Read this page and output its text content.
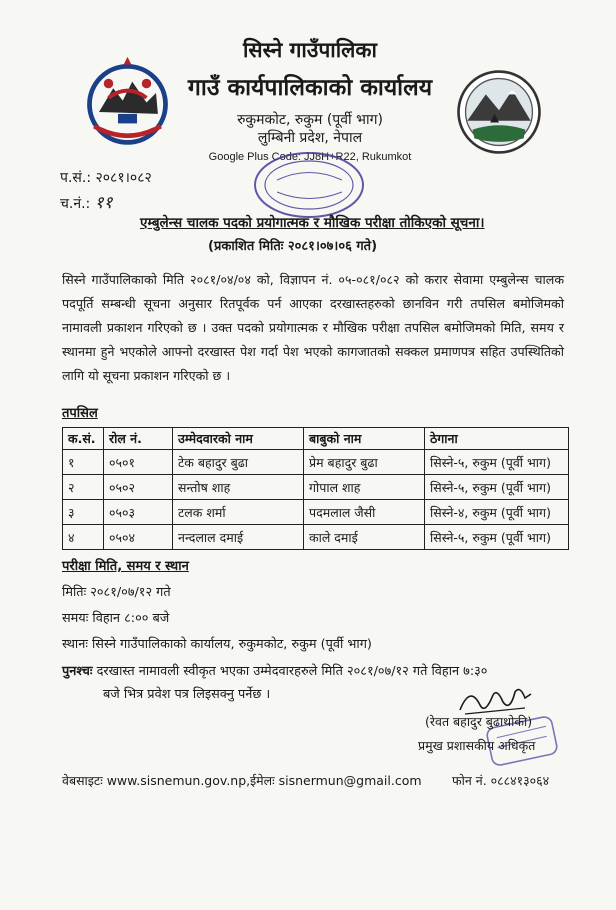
सिस्ने गाउँपालिका
गाउँ कार्यपालिकाको कार्यालय
रुकुमकोट, रुकुम (पूर्वी भाग)
लुम्बिनी प्रदेश, नेपाल
Google Plus Code: JJ8H+R22, Rukumkot
प.सं.: २०८१।०८२
च.नं.: ११
एम्बुलेन्स चालक पदको प्रयोगात्मक र मौखिक परीक्षा तोकिएको सूचना।
(प्रकाशित मितिः २०८१।०७।०६ गते)
सिस्ने गाउँपालिकाको मिति २०८१/०४/०४ को, विज्ञापन नं. ०५-०८१/०८२ को करार सेवामा एम्बुलेन्स चालक पदपूर्ति सम्बन्धी सूचना अनुसार रितपूर्वक पर्न आएका दरखास्तहरुको छानविन गरी तपसिल बमोजिमको नामावली प्रकाशन गरिएको छ । उक्त पदको प्रयोगात्मक र मौखिक परीक्षा तपसिल बमोजिमको मिति, समय र स्थानमा हुने भएकोले आफ्नो दरखास्त पेश गर्दा पेश भएको कागजातको सक्कल प्रमाणपत्र सहित उपस्थितिको लागि यो सूचना प्रकाशन गरिएको छ ।
तपसिल
क.सं.	रोल नं.	उम्मेदवारको नाम	बाबुको नाम	ठेगाना
१	०५०१	टेक बहादुर बुढा	प्रेम बहादुर बुढा	सिस्ने-५, रुकुम (पूर्वी भाग)
२	०५०२	सन्तोष शाह	गोपाल शाह	सिस्ने-५, रुकुम (पूर्वी भाग)
३	०५०३	टलक शर्मा	पदमलाल जैसी	सिस्ने-४, रुकुम (पूर्वी भाग)
४	०५०४	नन्दलाल दमाई	काले दमाई	सिस्ने-५, रुकुम (पूर्वी भाग)
परीक्षा मिति, समय र स्थान
मितिः २०८१/०७/१२ गते
समयः विहान ८:०० बजे
स्थानः सिस्ने गाउँपालिकाको कार्यालय, रुकुमकोट, रुकुम (पूर्वी भाग)
पुनश्चः दरखास्त नामावली स्वीकृत भएका उम्मेदवारहरुले मिति २०८१/०७/१२ गते विहान ७:३०
बजे भित्र प्रवेश पत्र लिइसक्नु पर्नेछ ।
(रेवत बहादुर बुढाथोकी)
प्रमुख प्रशासकीय अधिकृत
वेबसाइटः www.sisnemun.gov.np, ईमेलः sisnermun@gmail.com फोन नं. ०८८४१३०६४
